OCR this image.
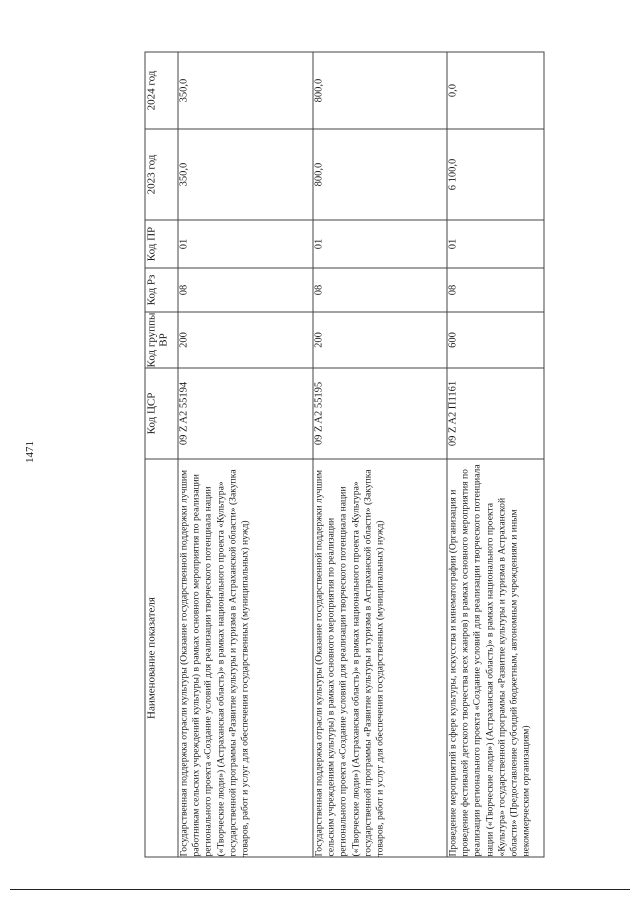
1471
Наименование показателя	Код ЦСР	Код группы ВР	Код Рз	Код ПР	2023 год	2024 год
Государственная поддержка отрасли культуры (Оказание государственной поддержки лучшим работникам сельских учреждений культуры) в рамках основного мероприятия по реализации регионального проекта «Создание условий для реализации творческого потенциала нации («Творческие люди») (Астраханская область)» в рамках национального проекта «Культура» государственной программы «Развитие культуры и туризма в Астраханской области» (Закупка товаров, работ и услуг для обеспечения государственных (муниципальных) нужд)	09 Z A2 55194	200	08	01	350,0	350,0
Государственная поддержка отрасли культуры (Оказание государственной поддержки лучшим сельским учреждениям культуры) в рамках основного мероприятия по реализации регионального проекта «Создание условий для реализации творческого потенциала нации («Творческие люди») (Астраханская область)» в рамках национального проекта «Культура» государственной программы «Развитие культуры и туризма в Астраханской области» (Закупка товаров, работ и услуг для обеспечения государственных (муниципальных) нужд)	09 Z A2 55195	200	08	01	800,0	800,0
Проведение мероприятий в сфере культуры, искусства и кинематографии (Организация и проведение фестивалей детского творчества всех жанров) в рамках основного мероприятия по реализации регионального проекта «Создание условий для реализации творческого потенциала нации («Творческие люди») (Астраханская область)» в рамках национального проекта «Культура» государственной программы «Развитие культуры и туризма в Астраханской области» (Предоставление субсидий бюджетным, автономным учреждениям и иным некоммерческим организациям)	09 Z A2 П1161	600	08	01	6 100,0	0,0
